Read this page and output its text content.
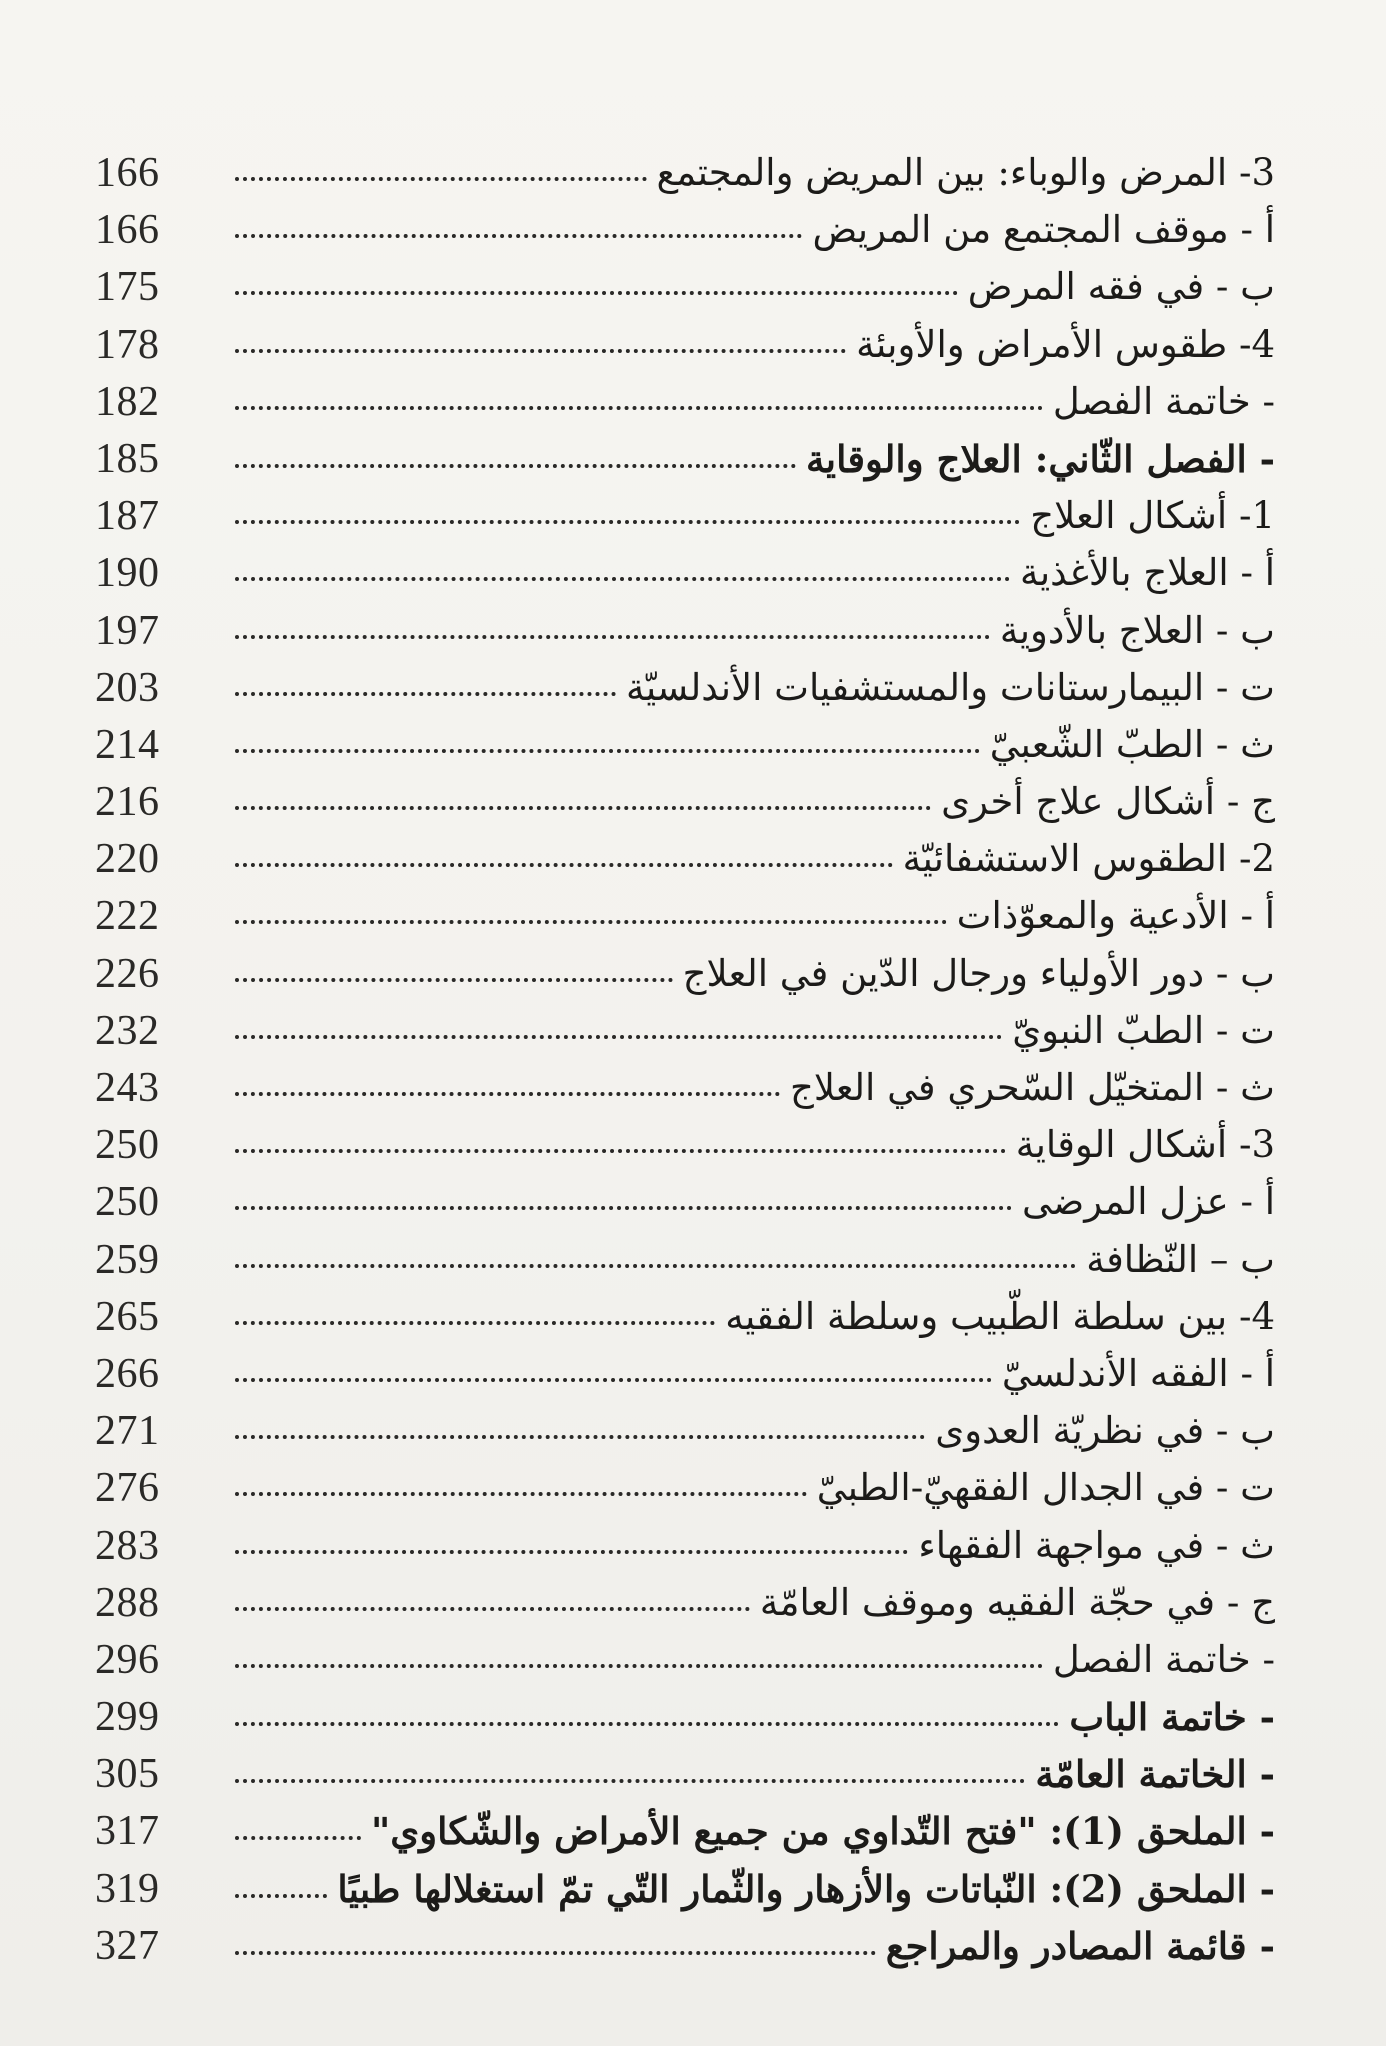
166	3- المرض والوباء: بين المريض والمجتمع
166	أ - موقف المجتمع من المريض
175	ب - في فقه المرض
178	4- طقوس الأمراض والأوبئة
182	- خاتمة الفصل
185	- الفصل الثّاني: العلاج والوقاية
187	1- أشكال العلاج
190	أ - العلاج بالأغذية
197	ب - العلاج بالأدوية
203	ت - البيمارستانات والمستشفيات الأندلسيّة
214	ث - الطبّ الشّعبيّ
216	ج - أشكال علاج أخرى
220	2- الطقوس الاستشفائيّة
222	أ - الأدعية والمعوّذات
226	ب - دور الأولياء ورجال الدّين في العلاج
232	ت - الطبّ النبويّ
243	ث - المتخيّل السّحري في العلاج
250	3- أشكال الوقاية
250	أ - عزل المرضى
259	ب – النّظافة
265	4- بين سلطة الطّبيب وسلطة الفقيه
266	أ - الفقه الأندلسيّ
271	ب - في نظريّة العدوى
276	ت - في الجدال الفقهيّ-الطبيّ
283	ث - في مواجهة الفقهاء
288	ج - في حجّة الفقيه وموقف العامّة
296	- خاتمة الفصل
299	- خاتمة الباب
305	- الخاتمة العامّة
317	- الملحق (1): "فتح التّداوي من جميع الأمراض والشّكاوي"
319	- الملحق (2): النّباتات والأزهار والثّمار التّي تمّ استغلالها طبيًا
327	- قائمة المصادر والمراجع
